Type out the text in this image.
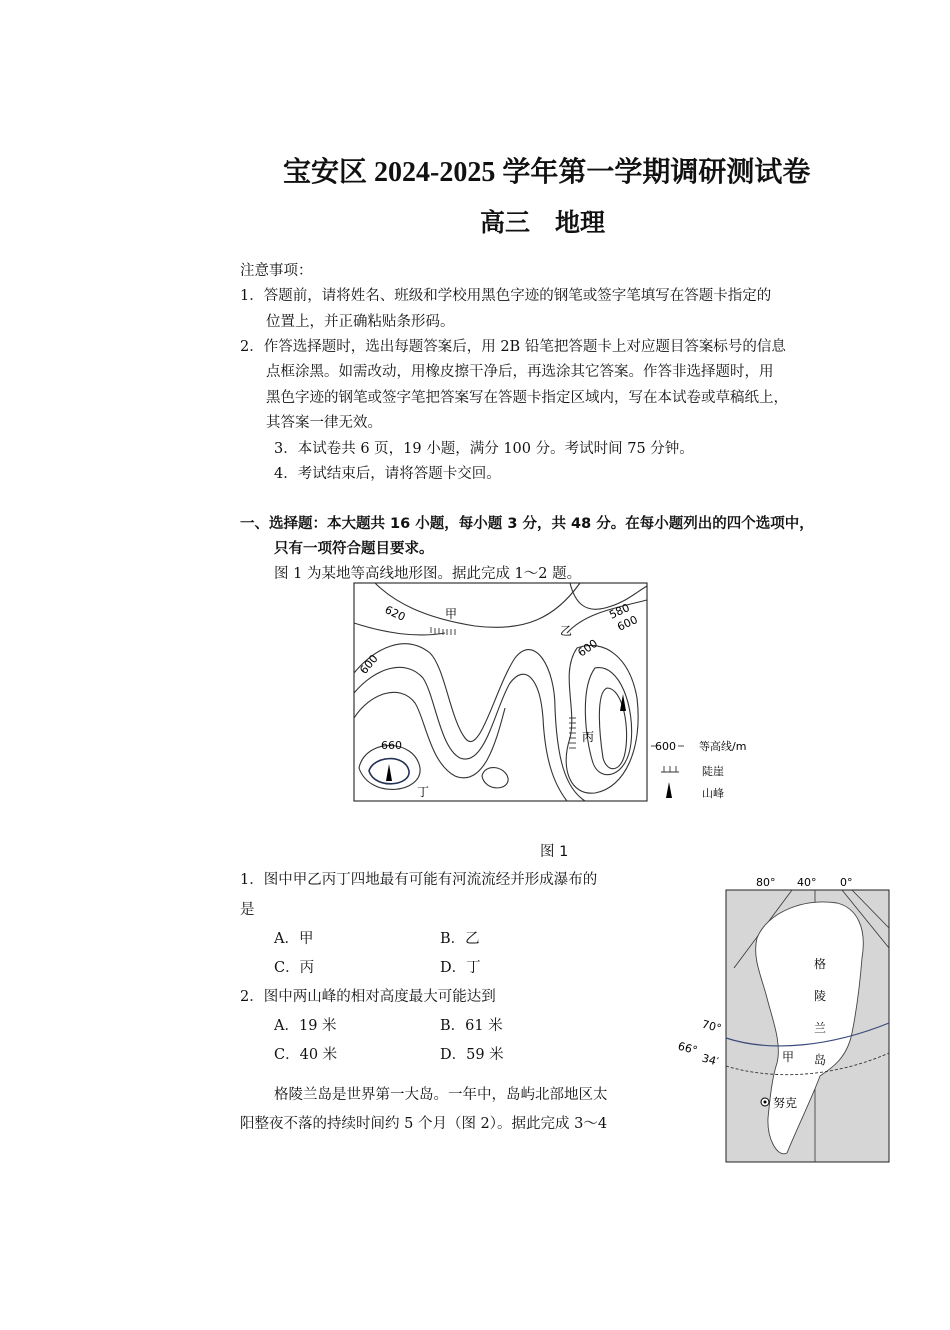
宝安区 2024-2025 学年第一学期调研测试卷
高三　地理
注意事项：
1．答题前，请将姓名、班级和学校用黑色字迹的钢笔或签字笔填写在答题卡指定的
位置上，并正确粘贴条形码。
2．作答选择题时，选出每题答案后，用 2B 铅笔把答题卡上对应题目答案标号的信息
点框涂黑。如需改动，用橡皮擦干净后，再选涂其它答案。作答非选择题时，用
黑色字迹的钢笔或签字笔把答案写在答题卡指定区域内，写在本试卷或草稿纸上，
其答案一律无效。
3．本试卷共 6 页，19 小题，满分 100 分。考试时间 75 分钟。
4．考试结束后，请将答题卡交回。
一、选择题：本大题共 16 小题，每小题 3 分，共 48 分。在每小题列出的四个选项中，
只有一项符合题目要求。
图 1 为某地等高线地形图。据此完成 1～2 题。
620
600
660
580
600
600
甲
乙
丙
丁
600 等高线/m
陡崖
山峰
图 1
1．图中甲乙丙丁四地最有可能有河流流经并形成瀑布的
是
A．甲	B．乙
C．丙	D．丁
2．图中两山峰的相对高度最大可能达到
A．19 米	B．61 米
C．40 米	D．59 米
格陵兰岛是世界第一大岛。一年中，岛屿北部地区太
阳整夜不落的持续时间约 5 个月（图 2）。据此完成 3～4
80° 40° 0°
70°
66°
34′
格
陵
兰
岛
甲
努克
